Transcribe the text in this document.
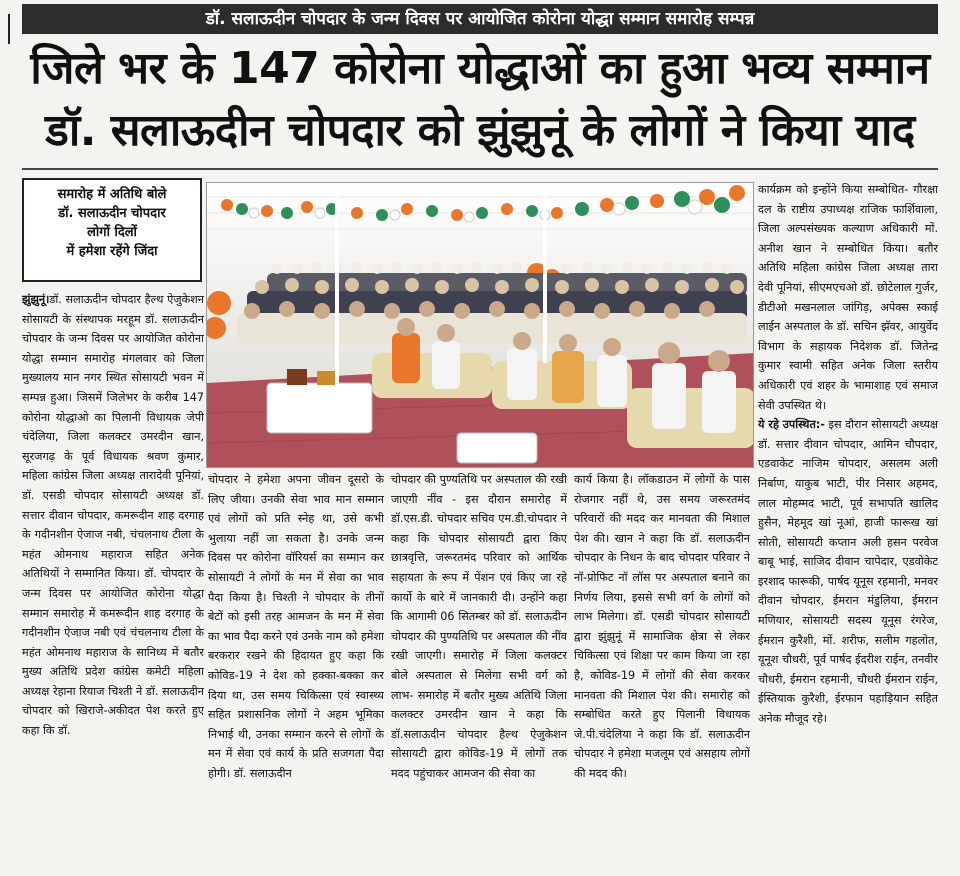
डॉ. सलाऊदीन चोपदार के जन्म दिवस पर आयोजित कोरोना योद्धा सम्मान समारोह सम्पन्न
जिले भर के 147 कोरोना योद्धाओं का हुआ भव्य सम्मान
डॉ. सलाऊदीन चोपदार को झुंझुनूं के लोगों ने किया याद
समारोह में अतिथि बोले
डॉ. सलाऊदीन चोपदार
लोगों दिलों
में हमेशा रहेंगे जिंदा

झुंझुनूं।डॉ. सलाऊदीन चोपदार हैल्थ ऐजुकेशन सोसायटी के संस्थापक मरहूम डॉ. सलाऊदीन चोपदार के जन्म दिवस पर आयोजित कोरोना योद्धा सम्मान समारोह मंगलवार को जिला मुख्यालय मान नगर स्थित सोसायटी भवन में सम्पन्न हुआ। जिसमें जिलेभर के करीब 147 कोरोना योद्धाओ का पिलानी विधायक जेपी चंदेलिया, जिला कलक्टर उमरदीन खान, सूरजगढ़ के पूर्व विधायक श्रवण कुमार, महिला कांग्रेस जिला अध्यक्ष तारादेवी पूनियां, डॉ. एसडी चोपदार सोसायटी अध्यक्ष डॉ. सत्तार दीवान चोपदार, कमरूदीन शाह दरगाह के गदीनशीन ऐजाज नबी, चंचलनाथ टीला के महंत ओमनाथ महाराज सहित अनेक अतिथियों ने सम्मानित किया। डॉ. चोपदार के जन्म दिवस पर आयोजित कोरोना योद्धा सम्मान समारोह में कमरूदीन शाह दरगाह के गदीनशीन ऐजाज नबी एवं चंचलनाथ टीला के महंत ओमनाथ महाराज के सानिध्य में बतौर मुख्य अतिथि प्रदेश कांग्रेस कमेटी महिला अध्यक्ष रेहाना रियाज चिश्ती ने डॉ. सलाऊदीन चोपदार को खिराजे-अकीदत पेश करते हुए कहा कि डॉ.

चोपदार ने हमेशा अपना जीवन दूसरो के लिए जीया। उनकी सेवा भाव मान सम्मान एवं लोगों को प्रति स्नेह था, उसे कभी भुलाया नहीं जा सकता है। उनके जन्म दिवस पर कोरोना वॉरियर्स का सम्मान कर सोसायटी ने लोगों के मन में सेवा का भाव पैदा किया है। चिश्ती ने चोपदार के तीनों बेटों को इसी तरह आमजन के मन में सेवा का भाव पैदा करने एवं उनके नाम को हमेशा बरकरार रखने की हिदायत हुए कहा कि कोविड-19 ने देश को हक्का-बक्का कर दिया था, उस समय चिकित्सा एवं स्वास्थ्य सहित प्रशासनिक लोगों ने अहम भूमिका निभाई थी, उनका सम्मान करने से लोगों के मन में सेवा एवं कार्य के प्रति सजगता पैदा होगी। डॉ. सलाऊदीन

चोपदार की पुण्यतिथि पर अस्पताल की रखी जाएगी नींव - इस दौरान समारोह में डॉ.एस.डी. चोपदार सचिव एम.डी.चोपदार ने कहा कि चोपदार सोसायटी द्वारा किए छात्रवृत्ति, जरूरतमंद परिवार को आर्थिक सहायता के रूप में पेंशन एवं किए जा रहे कार्यो के बारे में जानकारी दी। उन्होंने कहा कि आगामी 06 सितम्बर को डॉ. सलाऊदीन चोपदार की पुण्यतिथि पर अस्पताल की नींव रखी जाएगी। समारोह में जिला कलक्टर बोले अस्पताल से मिलेगा सभी वर्ग को लाभ- समारोह में बतौर मुख्य अतिथि जिला कलक्टर उमरदीन खान ने कहा कि डॉ.सलाऊदीन चोपदार हैल्थ ऐजुकेशन सोसायटी द्वारा कोविड-19 में लोगों तक मदद पहुंचाकर आमजन की सेवा का

कार्य किया है। लॉकडाउन में लोगों के पास रोजगार नहीं थे, उस समय जरूरतमंद परिवारों की मदद कर मानवता की मिशाल पेश की। खान ने कहा कि डॉ. सलाऊदीन चोपदार के निधन के बाद चोपदार परिवार ने नॉ-प्रोफिट नॉ लॉस पर अस्पताल बनाने का निर्णय लिया, इससे सभी वर्ग के लोगों को लाभ मिलेगा। डॉ. एसडी चोपदार सोसायटी द्वारा झुंझुनूं में सामाजिक क्षेत्रा से लेकर चिकित्सा एवं शिक्षा पर काम किया जा रहा है, कोविड-19 में लोगों की सेवा करकर मानवता की मिशाल पेश की। समारोह को सम्बोधित करते हुए पिलानी विधायक जे.पी.चंदेलिया ने कहा कि डॉ. सलाऊदीन चोपदार ने हमेशा मजलूम एवं असहाय लोगों की मदद की।

कार्यक्रम को इन्होंने किया सम्बोधित- गौरक्षा दल के राष्टीय उपाध्यक्ष राजिक फार्शिवाला, जिला अल्पसंख्यक कल्याण अधिकारी मों. अनीश खान ने सम्बोधित किया। बतौर अतिथि महिला कांग्रेस जिला अध्यक्ष तारा देवी पूनियां, सीएमएचओ डॉ. छोटेलाल गुर्जर, डीटीओ मखनलाल जांगिड़, अपेक्स स्काई लाईन अस्पताल के डॉ. सचिन झॅवर, आयुर्वेद विभाग के सहायक निदेशक डॉ. जितेन्द्र कुमार स्वामी सहित अनेक जिला स्तरीय अधिकारी एवं शहर के भामाशाह एवं समाज सेवी उपस्थित थे।

ये रहे उपस्थित:- इस दौरान सोसायटी अध्यक्ष डॉ. सत्तार दीवान चोपदार, आमिन चौपदार, एडवाकेट नाजिम चोपदार, असलम अली निर्बाण, याकुब भाटी, पीर निसार अहमद, लाल मोहम्मद भाटी, पूर्व सभापति खालिद हुसैन, मेहमूद खां नूआं, हाजी फारूख खां सोती, सोसायटी कप्तान अली हसन परवेज बाबू भाई, साजिद दीवान चापेदार, एडवोकेट इरशाद फारूकी, पार्षद यूनूस रहमानी, मनवर दीवान चोपदार, ईमरान मंडुलिया, ईमरान मणियार, सोसायटी सदस्य यूनूस रंगरेज, ईमरान कुरैशी, मों. शरीफ, सलीम गहलोत, यूनूश चौधरी, पूर्व पार्षद ईदरीश राईन, तनवीर चौधरी, ईमरान रहमानी, चौधरी ईमरान राईन, ईस्तियाक कुरैशी, ईरफान पहाड़ियान सहित अनेक मौजूद रहे।
